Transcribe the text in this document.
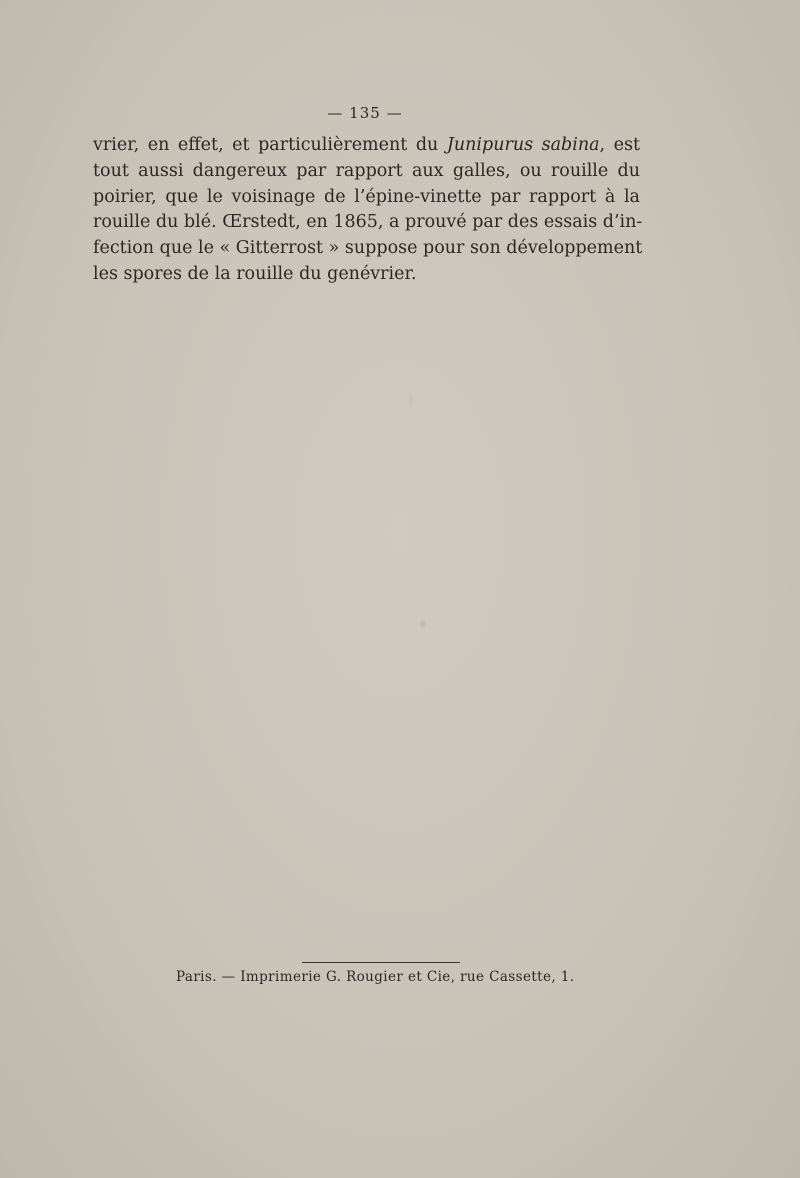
— 135 —
vrier, en effet, et particulièrement du Junipurus sabina, est
tout aussi dangereux par rapport aux galles, ou rouille du
poirier, que le voisinage de l’épine-vinette par rapport à la
rouille du blé. Œrstedt, en 1865, a prouvé par des essais d’in-
fection que le « Gitterrost » suppose pour son développement
les spores de la rouille du genévrier.
Paris. — Imprimerie G. Rougier et Cie, rue Cassette, 1.
